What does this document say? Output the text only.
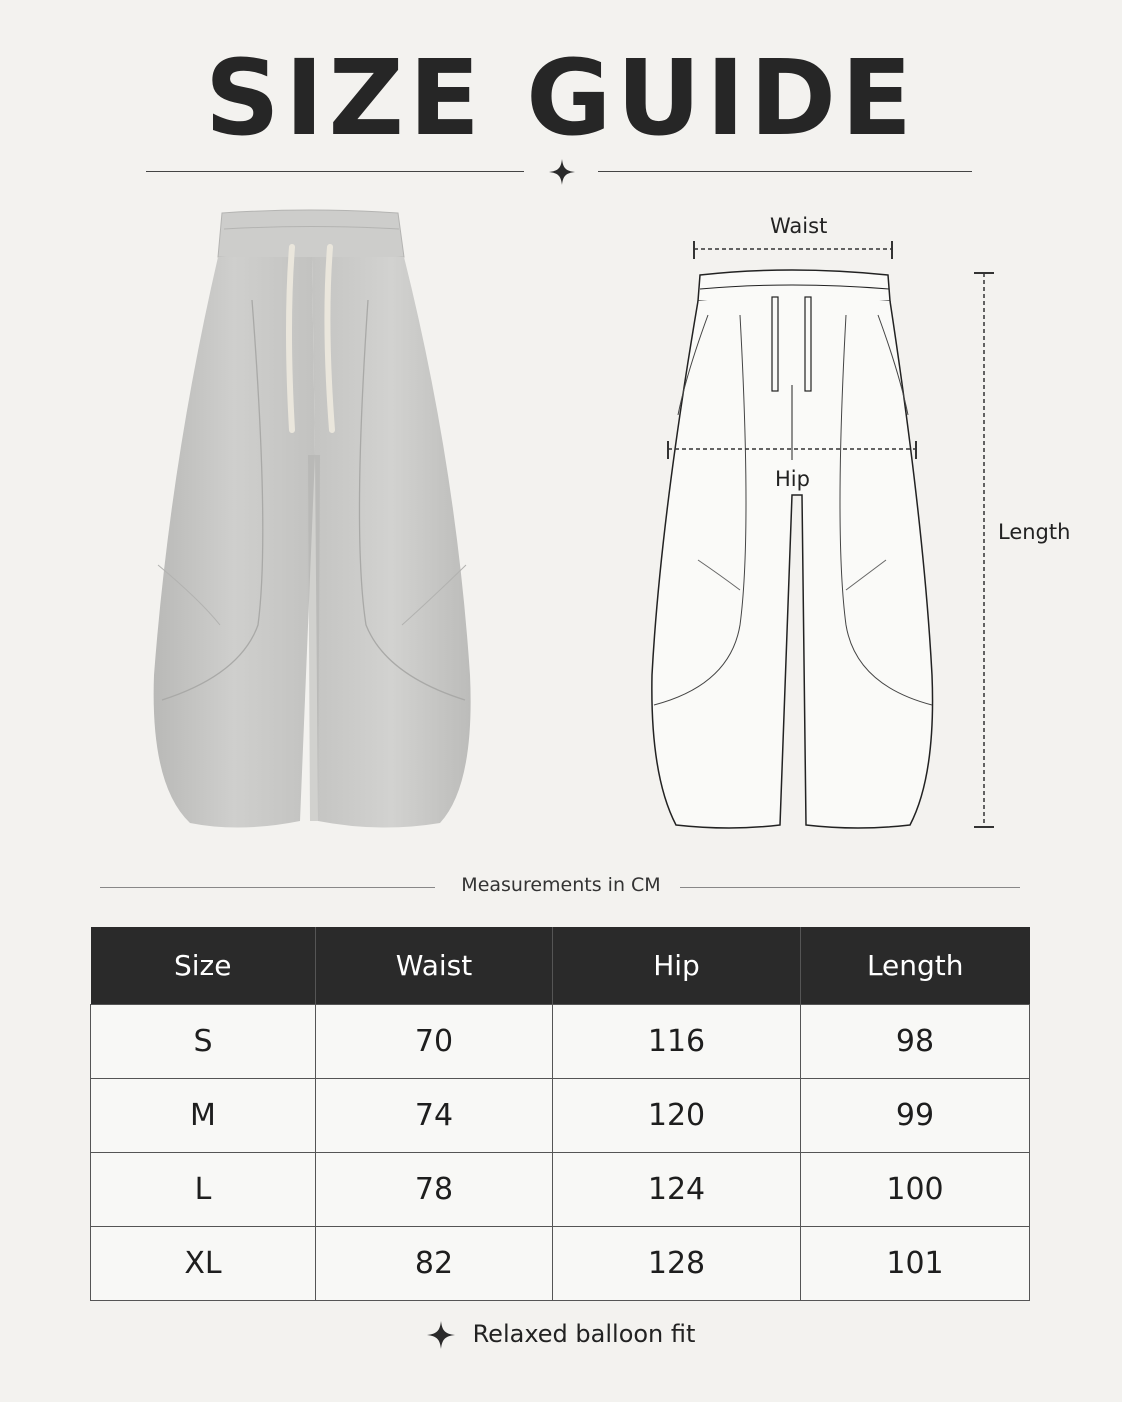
SIZE GUIDE
Waist
Hip
Length
Measurements in CM
Size	Waist	Hip	Length
S	70	116	98
M	74	120	99
L	78	124	100
XL	82	128	101
Relaxed balloon fit
